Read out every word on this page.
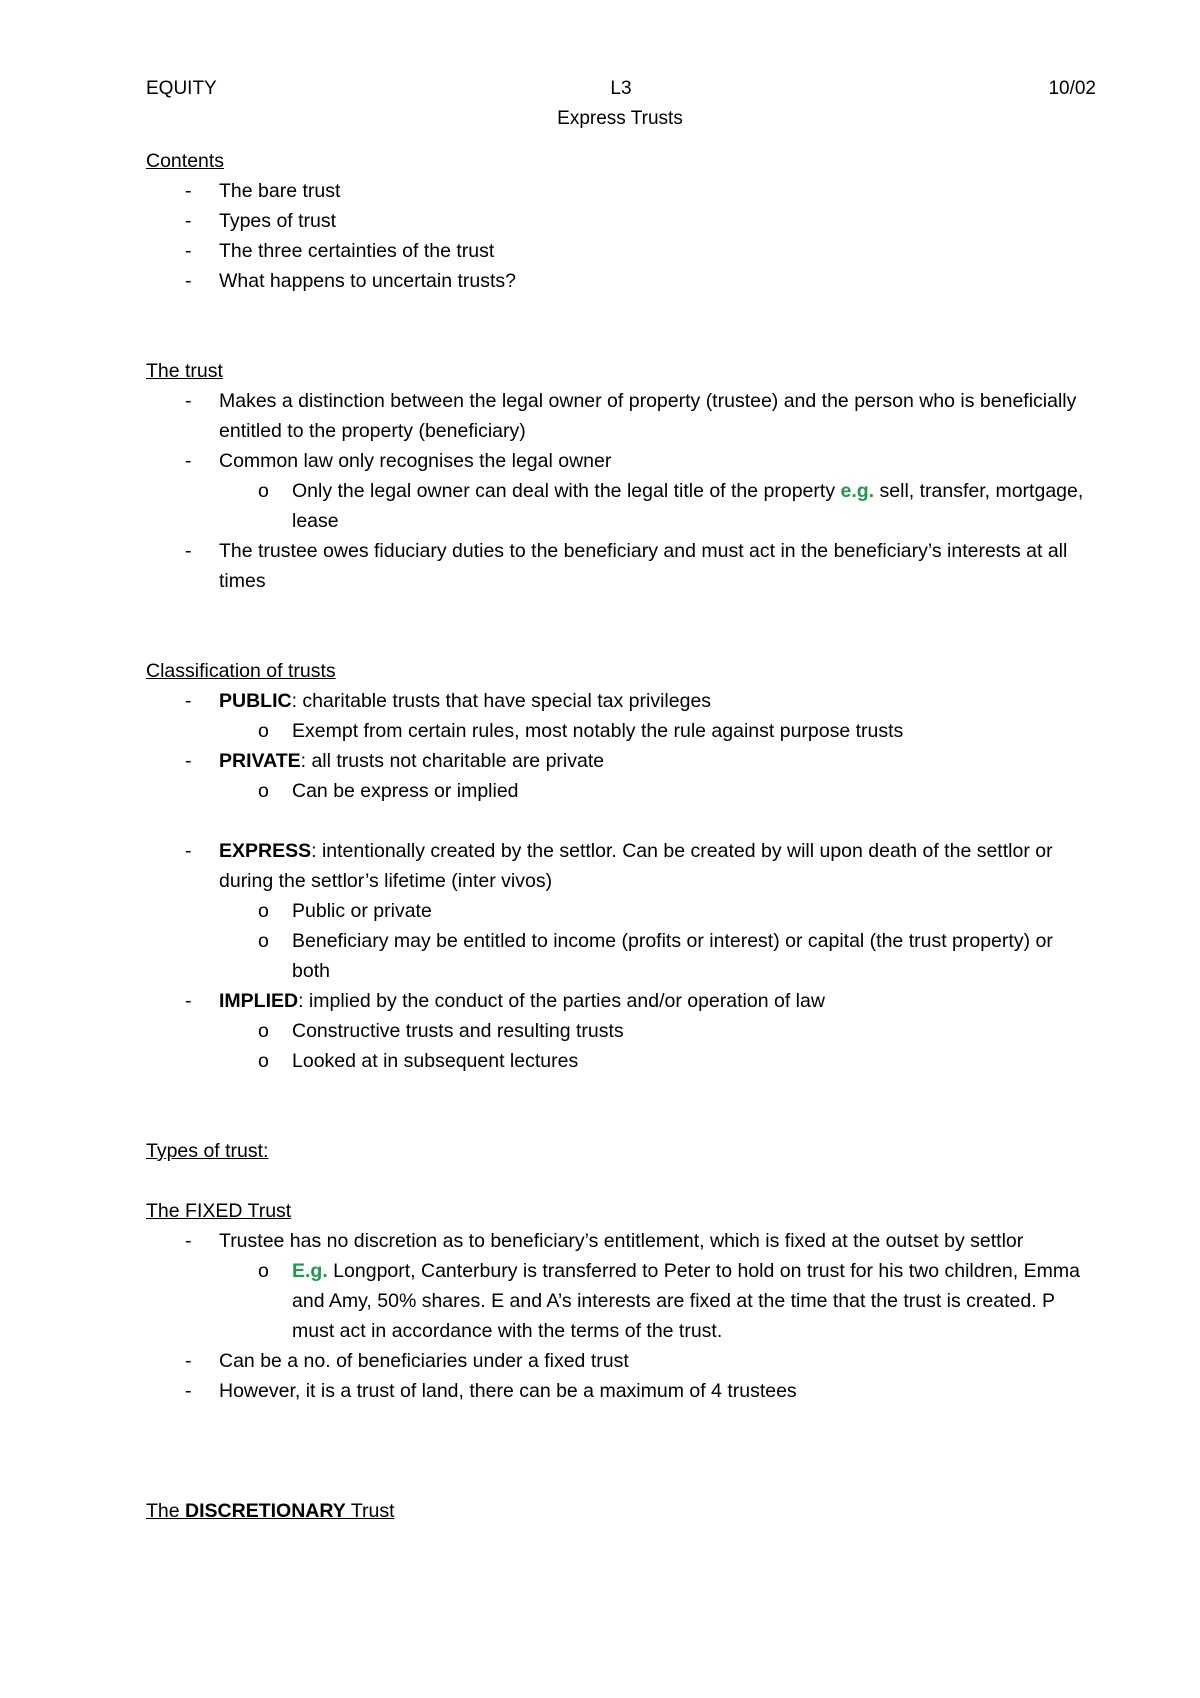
EQUITY	L3	10/02
Express Trusts
Contents
- The bare trust
- Types of trust
- The three certainties of the trust
- What happens to uncertain trusts?
The trust
- Makes a distinction between the legal owner of property (trustee) and the person who is beneficially entitled to the property (beneficiary)
- Common law only recognises the legal owner
o Only the legal owner can deal with the legal title of the property e.g. sell, transfer, mortgage, lease
- The trustee owes fiduciary duties to the beneficiary and must act in the beneficiary’s interests at all times
Classification of trusts
- PUBLIC: charitable trusts that have special tax privileges
o Exempt from certain rules, most notably the rule against purpose trusts
- PRIVATE: all trusts not charitable are private
o Can be express or implied
- EXPRESS: intentionally created by the settlor. Can be created by will upon death of the settlor or during the settlor’s lifetime (inter vivos)
o Public or private
o Beneficiary may be entitled to income (profits or interest) or capital (the trust property) or both
- IMPLIED: implied by the conduct of the parties and/or operation of law
o Constructive trusts and resulting trusts
o Looked at in subsequent lectures
Types of trust:
The FIXED Trust
- Trustee has no discretion as to beneficiary’s entitlement, which is fixed at the outset by settlor
o E.g. Longport, Canterbury is transferred to Peter to hold on trust for his two children, Emma and Amy, 50% shares. E and A’s interests are fixed at the time that the trust is created. P must act in accordance with the terms of the trust.
- Can be a no. of beneficiaries under a fixed trust
- However, it is a trust of land, there can be a maximum of 4 trustees
The DISCRETIONARY Trust
